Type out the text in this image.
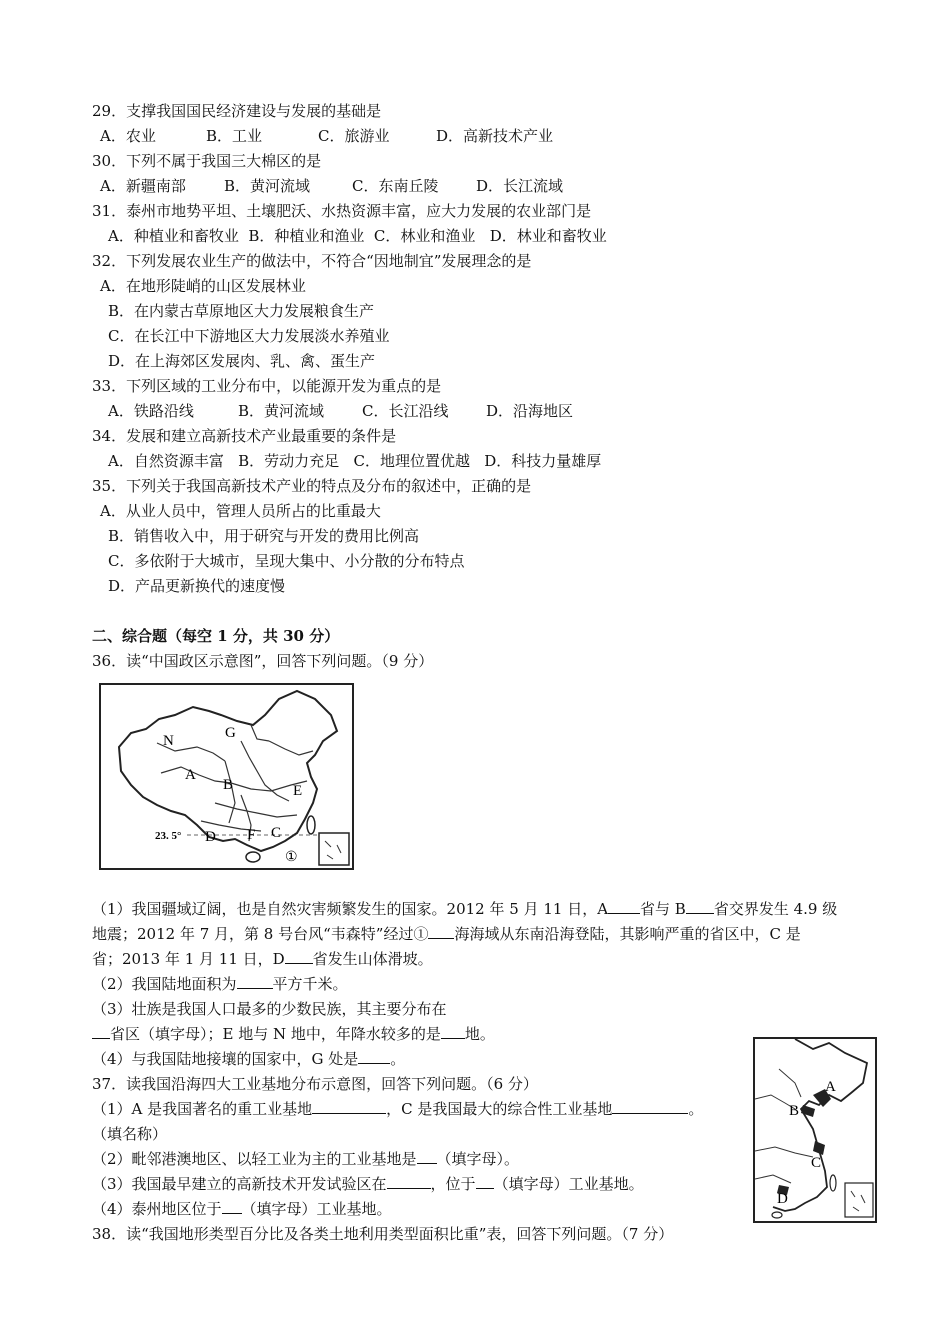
29．支撑我国国民经济建设与发展的基础是
A．农业	B．工业	C．旅游业	D．高新技术产业
30．下列不属于我国三大棉区的是
A．新疆南部	B．黄河流域	C．东南丘陵	D．长江流域
31．泰州市地势平坦、土壤肥沃、水热资源丰富，应大力发展的农业部门是
A．种植业和畜牧业  B．种植业和渔业  C．林业和渔业   D．林业和畜牧业
32．下列发展农业生产的做法中，不符合“因地制宜”发展理念的是
A．在地形陡峭的山区发展林业
B．在内蒙古草原地区大力发展粮食生产
C．在长江中下游地区大力发展淡水养殖业
D．在上海郊区发展肉、乳、禽、蛋生产
33．下列区域的工业分布中，以能源开发为重点的是
A．铁路沿线	B．黄河流域	C．长江沿线	D．沿海地区
34．发展和建立高新技术产业最重要的条件是
A．自然资源丰富   B．劳动力充足   C．地理位置优越   D．科技力量雄厚
35．下列关于我国高新技术产业的特点及分布的叙述中，正确的是
A．从业人员中，管理人员所占的比重最大
B．销售收入中，用于研究与开发的费用比例高
C．多依附于大城市，呈现大集中、小分散的分布特点
D．产品更新换代的速度慢
二、综合题（每空 1 分，共 30 分）
36．读“中国政区示意图”，回答下列问题。（9 分）
N	G
A
B	E
D F C
①
23. 5°
（1）我国疆域辽阔，也是自然灾害频繁发生的国家。2012 年 5 月 11 日，A 省与 B 省交界发生 4.9 级
地震；2012 年 7 月，第 8 号台风“韦森特”经过① 海海域从东南沿海登陆，其影响严重的省区中，C 是
省；2013 年 1 月 11 日，D 省发生山体滑坡。
（2）我国陆地面积为 平方千米。
（3）壮族是我国人口最多的少数民族，其主要分布在
省区（填字母）；E 地与 N 地中，年降水较多的是 地。
（4）与我国陆地接壤的国家中，G 处是 。
37．读我国沿海四大工业基地分布示意图，回答下列问题。（6 分）	A
B
C
D
（1）A 是我国著名的重工业基地	，C 是我国最大的综合性工业基地	。
（填名称）
（2）毗邻港澳地区、以轻工业为主的工业基地是 （填字母）。
（3）我国最早建立的高新技术开发试验区在	，位于 （填字母）工业基地。
（4）泰州地区位于 （填字母）工业基地。
38．读“我国地形类型百分比及各类土地利用类型面积比重”表，回答下列问题。（7 分）
